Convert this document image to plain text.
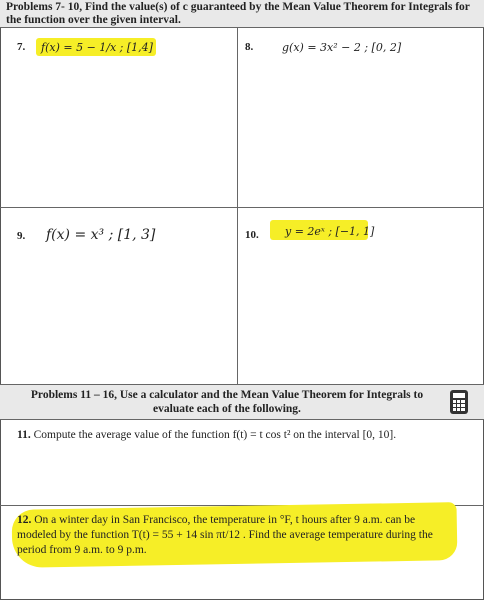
Problems 7- 10, Find the value(s) of c guaranteed by the Mean Value Theorem for Integrals for the function over the given interval.
7. f(x) = 5 − 1/x ; [1,4]	8.	g(x) = 3x² − 2 ; [0, 2]
9. f(x) = x³ ; [1, 3]	10. y = 2eˣ ; [−1, 1]
Problems 11 – 16, Use a calculator and the Mean Value Theorem for Integrals to evaluate each of the following.
11. Compute the average value of the function f(t) = t cos t² on the interval [0, 10].
12. On a winter day in San Francisco, the temperature in °F, t hours after 9 a.m. can be modeled by the function T(t) = 55 + 14 sin πt/12 . Find the average temperature during the period from 9 a.m. to 9 p.m.
